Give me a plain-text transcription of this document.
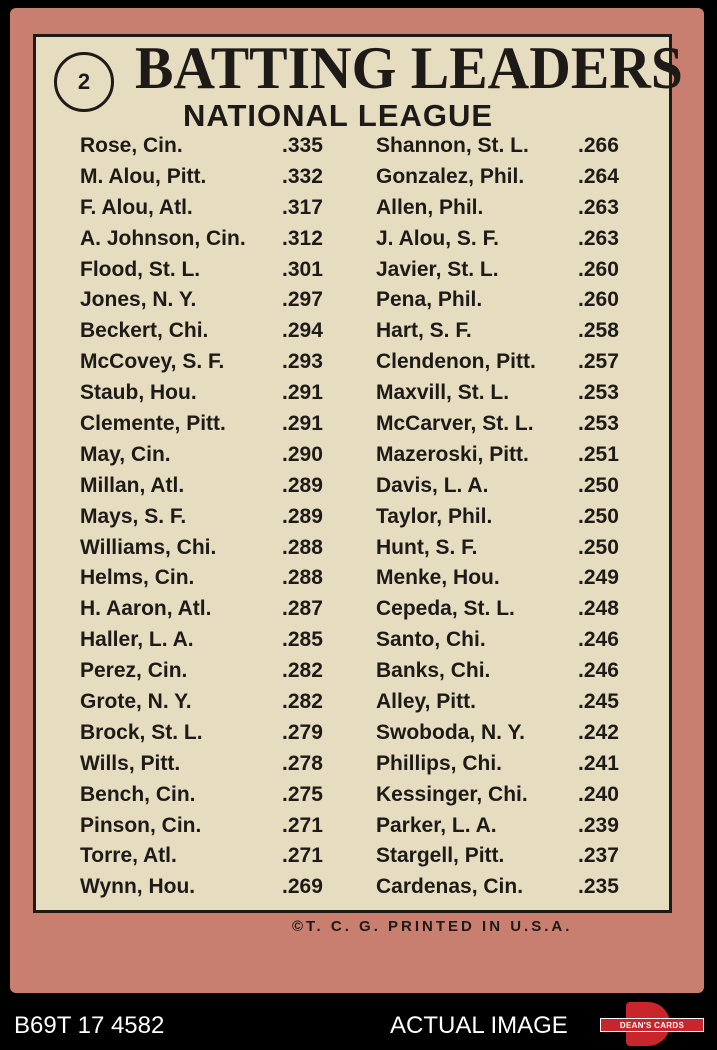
2 BATTING LEADERS
NATIONAL LEAGUE
Rose, Cin.	.335
M. Alou, Pitt.	.332
F. Alou, Atl.	.317
A. Johnson, Cin. .312
Flood, St. L.	.301
Jones, N. Y.	.297
Beckert, Chi.	.294
McCovey, S. F.	.293
Staub, Hou.	.291
Clemente, Pitt.	.291
May, Cin.	.290
Millan, Atl.	.289
Mays, S. F.	.289
Williams, Chi.	.288
Helms, Cin.	.288
H. Aaron, Atl.	.287
Haller, L. A.	.285
Perez, Cin.	.282
Grote, N. Y.	.282
Brock, St. L.	.279
Wills, Pitt.	.278
Bench, Cin.	.275
Pinson, Cin.	.271
Torre, Atl.	.271
Wynn, Hou.	.269
Shannon, St. L. .266
Gonzalez, Phil.	.264
Allen, Phil.	.263
J. Alou, S. F.	.263
Javier, St. L.	.260
Pena, Phil.	.260
Hart, S. F.	.258
Clendenon, Pitt. .257
Maxvill, St. L.	.253
McCarver, St. L. .253
Mazeroski, Pitt. .251
Davis, L. A.	.250
Taylor, Phil.	.250
Hunt, S. F.	.250
Menke, Hou.	.249
Cepeda, St. L.	.248
Santo, Chi.	.246
Banks, Chi.	.246
Alley, Pitt.	.245
Swoboda, N. Y.	.242
Phillips, Chi.	.241
Kessinger, Chi. .240
Parker, L. A.	.239
Stargell, Pitt.	.237
Cardenas, Cin.	.235
©T. C. G. PRINTED IN U.S.A.
B69T 17 4582	ACTUAL IMAGE	DEAN'S CARDS
